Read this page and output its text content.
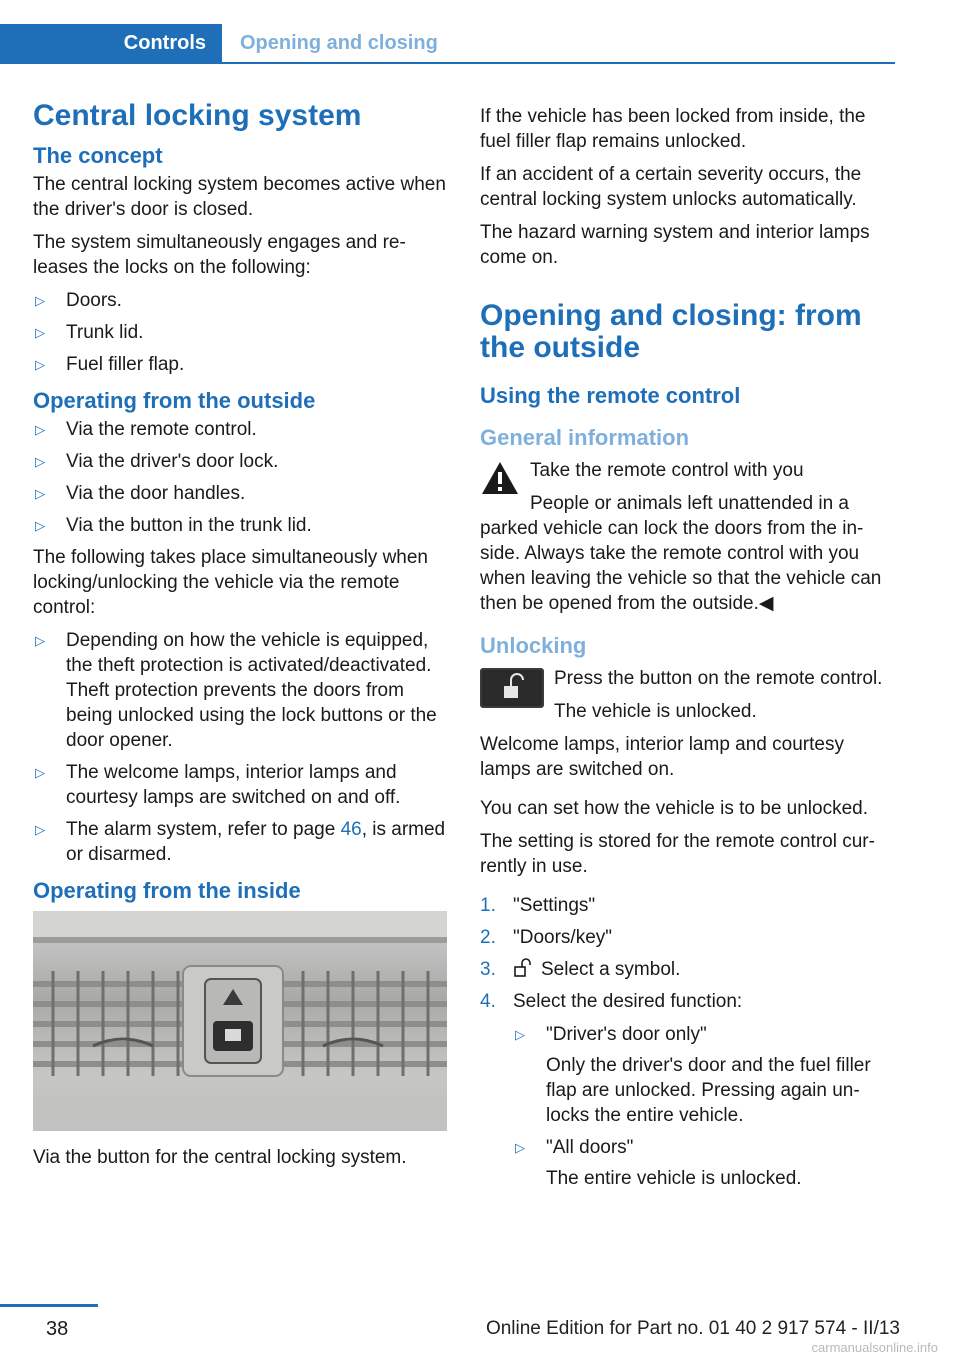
Controls	Opening and closing
Central locking system
The concept

The central locking system becomes active when the driver's door is closed.

The system simultaneously engages and re‐leases the locks on the following:

▷ Doors.
▷ Trunk lid.
▷ Fuel filler flap.
Operating from the outside
▷ Via the remote control.
▷ Via the driver's door lock.
▷ Via the door handles.
▷ Via the button in the trunk lid.

The following takes place simultaneously when locking/unlocking the vehicle via the remote control:

▷ Depending on how the vehicle is equipped, the theft protection is activated/deactivated. Theft protection prevents the doors from being unlocked using the lock buttons or the door opener.
▷ The welcome lamps, interior lamps and courtesy lamps are switched on and off.
▷ The alarm system, refer to page 46, is armed or disarmed.
Operating from the inside

Via the button for the central locking system.

If the vehicle has been locked from inside, the fuel filler flap remains unlocked.

If an accident of a certain severity occurs, the central locking system unlocks automatically.

The hazard warning system and interior lamps come on.

Opening and closing: from the outside
Using the remote control
General information

Take the remote control with you

People or animals left unattended in a parked vehicle can lock the doors from the in‐side. Always take the remote control with you when leaving the vehicle so that the vehicle can then be opened from the outside.◀

Unlocking

Press the button on the remote control.

The vehicle is unlocked.

Welcome lamps, interior lamp and courtesy lamps are switched on.

You can set how the vehicle is to be unlocked.

The setting is stored for the remote control cur‐rently in use.

1. "Settings"
2. "Doors/key"
3. Select a symbol.
4. Select the desired function:
▷ "Driver's door only"

Only the driver's door and the fuel filler flap are unlocked. Pressing again un‐locks the entire vehicle.
▷ "All doors"

The entire vehicle is unlocked.
38	Online Edition for Part no. 01 40 2 917 574 - II/13
carmanualsonline.info
